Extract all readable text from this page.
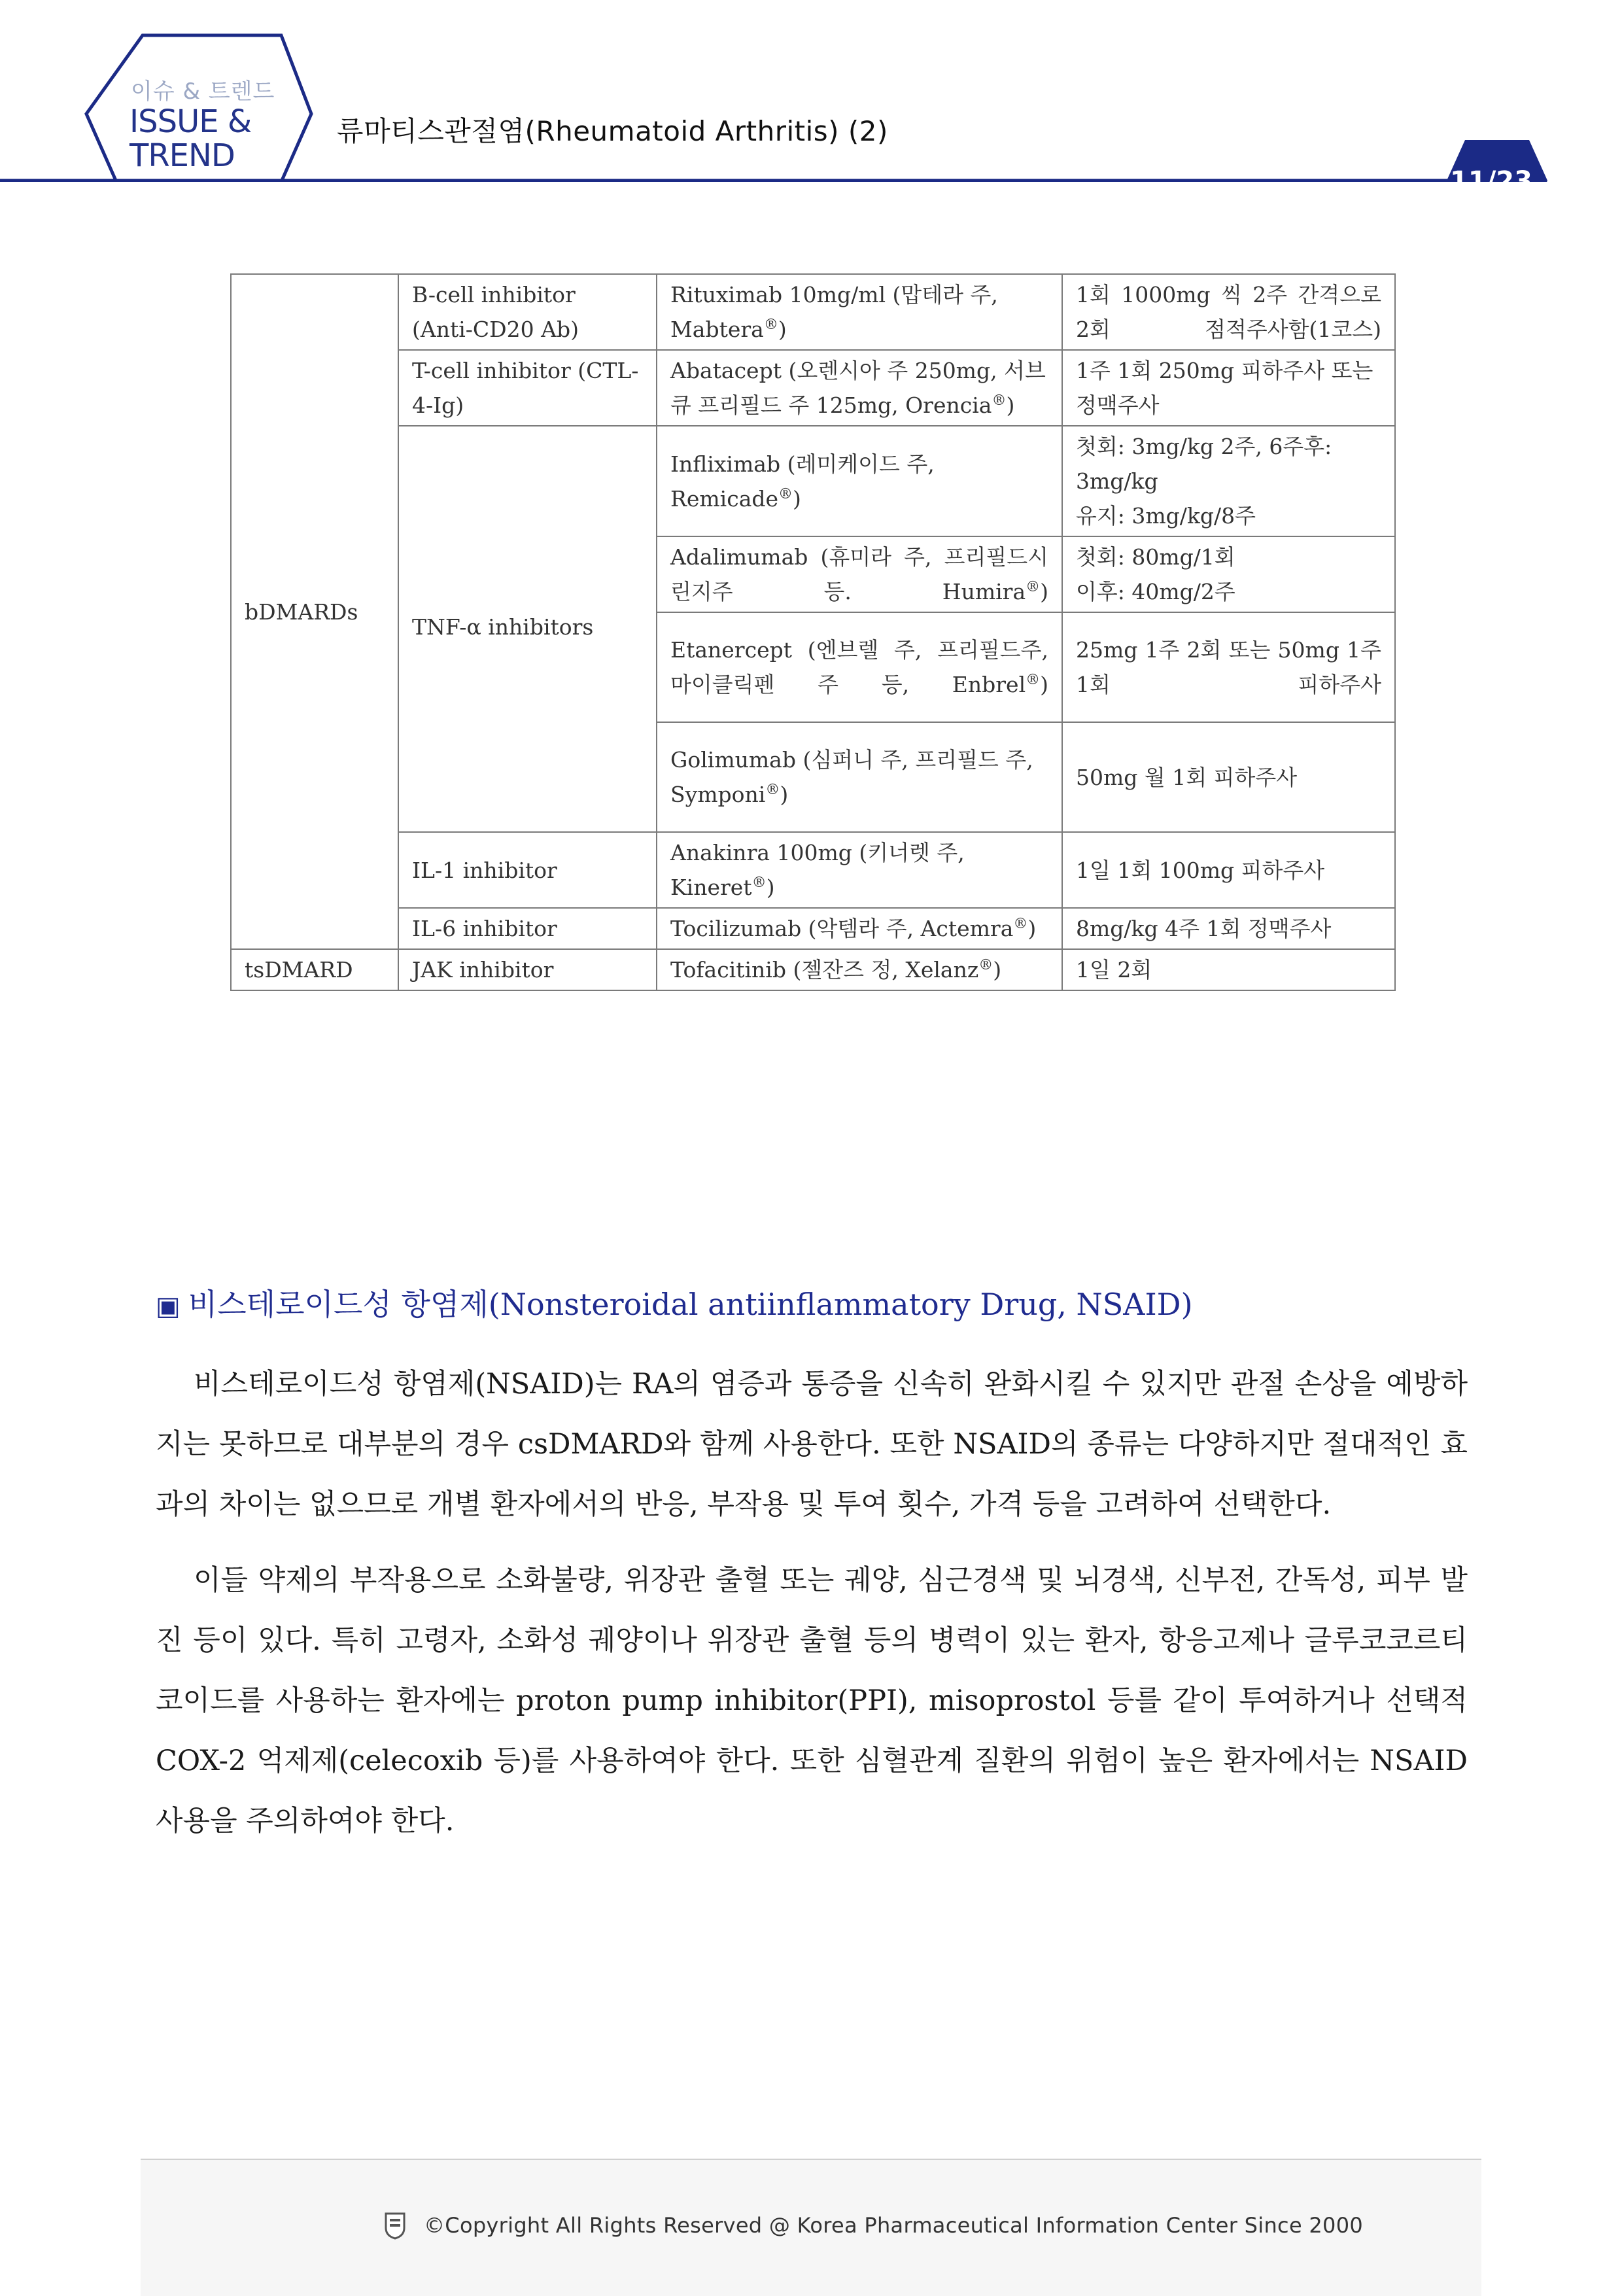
이슈 & 트렌드
ISSUE &
TREND
류마티스관절염(Rheumatoid Arthritis) (2)
11/23
bDMARDs	B-cell inhibitor (Anti-CD20 Ab)	Rituximab 10mg/ml (맙테라 주, Mabtera®)	1회 1000mg 씩 2주 간격으로 2회 점적주사함(1코스)
	T-cell inhibitor (CTL-4-Ig)	Abatacept (오렌시아 주 250mg, 서브큐 프리필드 주 125mg, Orencia®)	1주 1회 250mg 피하주사 또는 정맥주사
	TNF-α inhibitors	Infliximab (레미케이드 주, Remicade®)	첫회: 3mg/kg 2주, 6주후: 3mg/kg
유지: 3mg/kg/8주

		Adalimumab (휴미라 주, 프리필드시린지주 등. Humira®)	첫회: 80mg/1회
이후: 40mg/2주

		Etanercept (엔브렐 주, 프리필드주, 마이클릭펜 주 등, Enbrel®)	25mg 1주 2회 또는 50mg 1주 1회 피하주사
		Golimumab (심퍼니 주, 프리필드 주, Symponi®)	50mg 월 1회 피하주사
	IL-1 inhibitor	Anakinra 100mg (키너렛 주, Kineret®)	1일 1회 100mg 피하주사
	IL-6 inhibitor	Tocilizumab (악템라 주, Actemra®)	8mg/kg 4주 1회 정맥주사
tsDMARD	JAK inhibitor	Tofacitinib (젤잔즈 정, Xelanz®)	1일 2회
▣ 비스테로이드성 항염제(Nonsteroidal antiinflammatory Drug, NSAID)

비스테로이드성 항염제(NSAID)는 RA의 염증과 통증을 신속히 완화시킬 수 있지만 관절 손상을 예방하지는 못하므로 대부분의 경우 csDMARD와 함께 사용한다. 또한 NSAID의 종류는 다양하지만 절대적인 효과의 차이는 없으므로 개별 환자에서의 반응, 부작용 및 투여 횟수, 가격 등을 고려하여 선택한다.

이들 약제의 부작용으로 소화불량, 위장관 출혈 또는 궤양, 심근경색 및 뇌경색, 신부전, 간독성, 피부 발진 등이 있다. 특히 고령자, 소화성 궤양이나 위장관 출혈 등의 병력이 있는 환자, 항응고제나 글루코코르티코이드를 사용하는 환자에는 proton pump inhibitor(PPI), misoprostol 등를 같이 투여하거나 선택적 COX-2 억제제(celecoxib 등)를 사용하여야 한다. 또한 심혈관계 질환의 위험이 높은 환자에서는 NSAID 사용을 주의하여야 한다.

©Copyright All Rights Reserved @ Korea Pharmaceutical Information Center Since 2000
